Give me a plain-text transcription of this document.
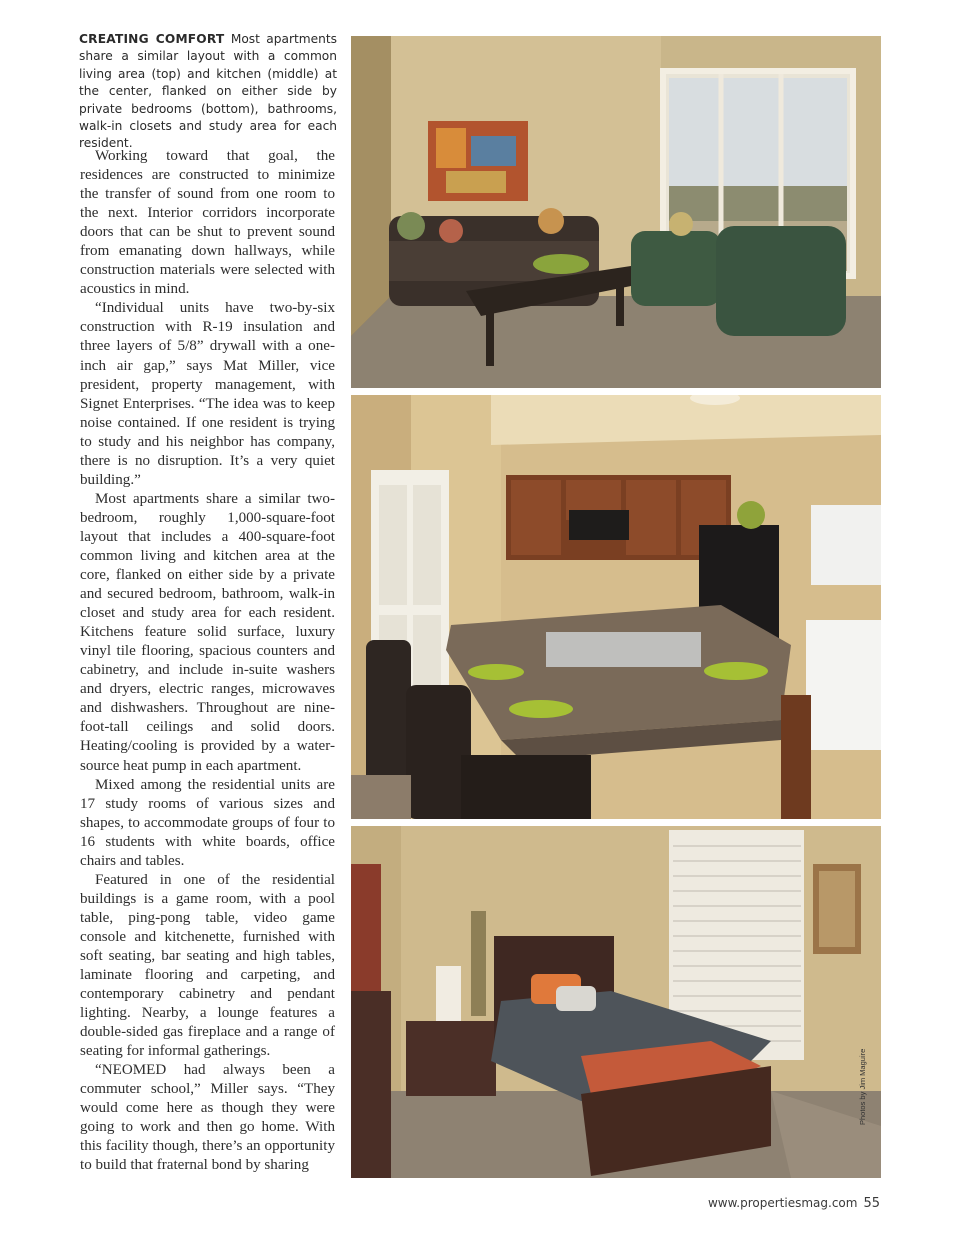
CREATING COMFORT Most apartments share a similar layout with a common living area (top) and kitchen (middle) at the center, flanked on either side by private bedrooms (bottom), bathrooms, walk-in closets and study area for each resident.

Working toward that goal, the residences are constructed to minimize the transfer of sound from one room to the next. Interior corridors incorporate doors that can be shut to prevent sound from emanating down hallways, while construction materials were selected with acoustics in mind.

“Individual units have two-by-six construction with R-19 insulation and three layers of 5/8” drywall with a one-inch air gap,” says Mat Miller, vice president, property management, with Signet Enterprises. “The idea was to keep noise contained. If one resident is trying to study and his neighbor has company, there is no disruption. It’s a very quiet building.”

Most apartments share a similar two-bedroom, roughly 1,000-square-foot layout that includes a 400-square-foot common living and kitchen area at the core, flanked on either side by a private and secured bedroom, bathroom, walk-in closet and study area for each resident. Kitchens feature solid surface, luxury vinyl tile flooring, spacious counters and cabinetry, and include in-suite washers and dryers, electric ranges, microwaves and dishwashers. Throughout are nine-foot-tall ceilings and solid doors. Heating/cooling is provided by a water-source heat pump in each apartment.

Mixed among the residential units are 17 study rooms of various sizes and shapes, to accommodate groups of four to 16 students with white boards, office chairs and tables.

Featured in one of the residential buildings is a game room, with a pool table, ping-pong table, video game console and kitchenette, furnished with soft seating, bar seating and high tables, laminate flooring and carpeting, and contemporary cabinetry and pendant lighting. Nearby, a lounge features a double-sided gas fireplace and a range of seating for informal gatherings.

“NEOMED had always been a commuter school,” Miller says. “They would come here as though they were going to work and then go home. With this facility though, there’s an opportunity to build that fraternal bond by sharing

Photos by Jim Maguire
www.propertiesmag.com 55
